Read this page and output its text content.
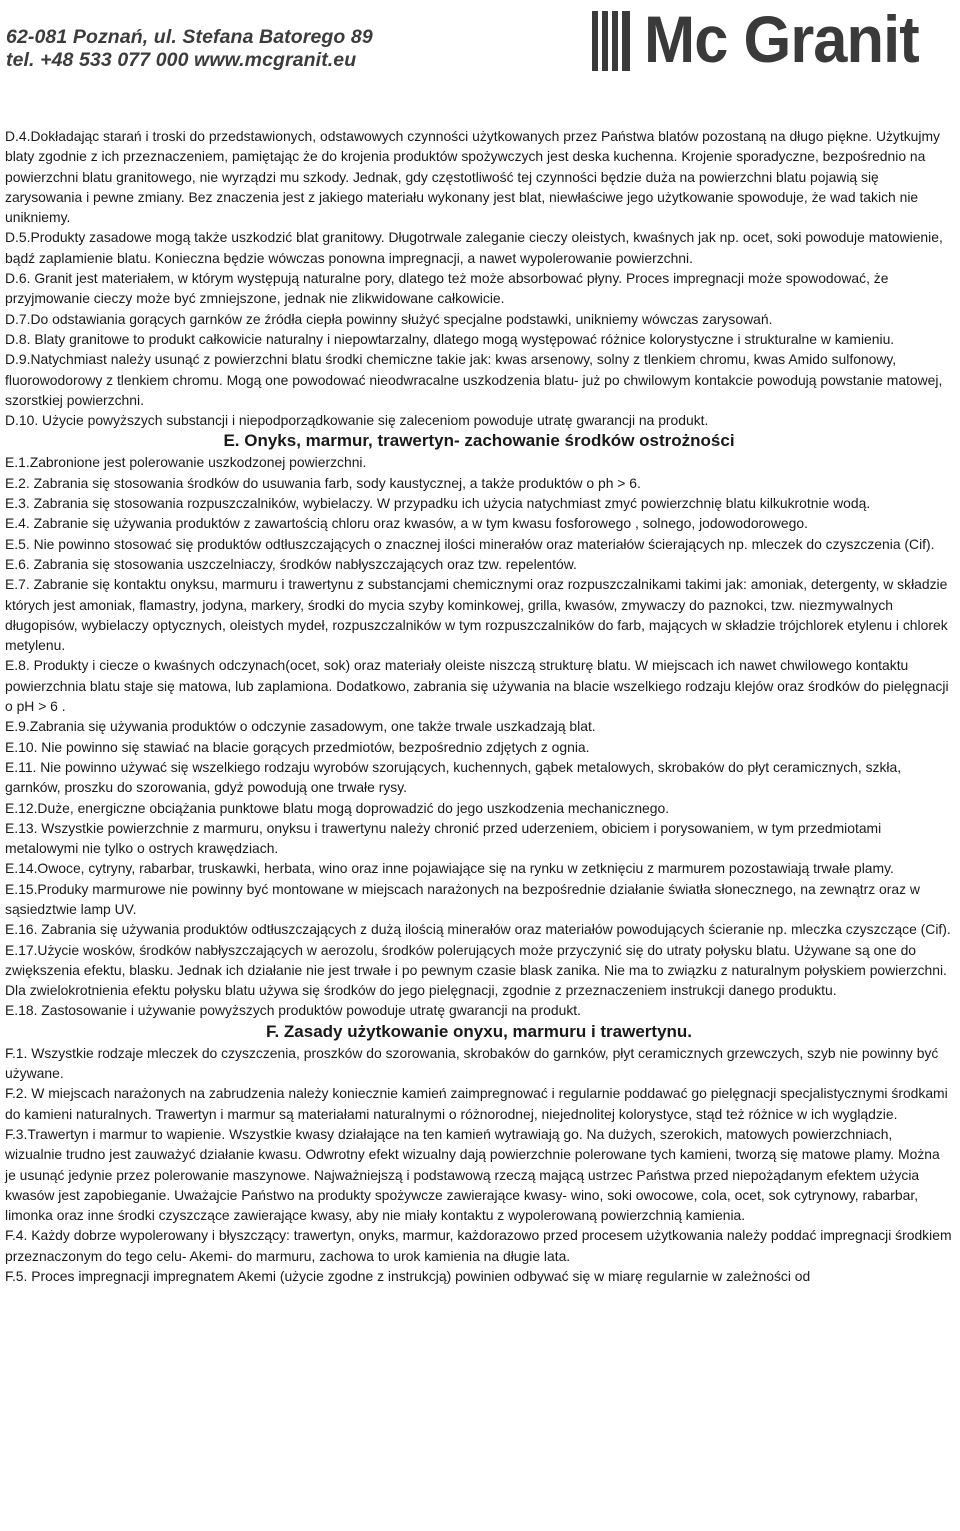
62-081 Poznań, ul. Stefana Batorego 89
tel. +48 533 077 000 www.mcgranit.eu	Mc Granit

D.4.Dokładając starań i troski do przedstawionych, odstawowych czynności użytkowanych przez Państwa blatów pozostaną na długo piękne. Użytkujmy blaty zgodnie z ich przeznaczeniem, pamiętając że do krojenia produktów spożywczych jest deska kuchenna. Krojenie sporadyczne, bezpośrednio na powierzchni blatu granitowego, nie wyrządzi mu szkody. Jednak, gdy częstotliwość tej czynności będzie duża na powierzchni blatu pojawią się zarysowania i pewne zmiany. Bez znaczenia jest z jakiego materiału wykonany jest blat, niewłaściwe jego użytkowanie spowoduje, że wad takich nie unikniemy.

D.5.Produkty zasadowe mogą także uszkodzić blat granitowy. Długotrwale zaleganie cieczy oleistych, kwaśnych jak np. ocet, soki powoduje matowienie, bądź zaplamienie blatu. Konieczna będzie wówczas ponowna impregnacji, a nawet wypolerowanie powierzchni.

D.6. Granit jest materiałem, w którym występują naturalne pory, dlatego też może absorbować płyny. Proces impregnacji może spowodować, że przyjmowanie cieczy może być zmniejszone, jednak nie zlikwidowane całkowicie.

D.7.Do odstawiania gorących garnków ze źródła ciepła powinny służyć specjalne podstawki, unikniemy wówczas zarysowań.

D.8. Blaty granitowe to produkt całkowicie naturalny i niepowtarzalny, dlatego mogą występować różnice kolorystyczne i strukturalne w kamieniu.

D.9.Natychmiast należy usunąć z powierzchni blatu środki chemiczne takie jak: kwas arsenowy, solny z tlenkiem chromu, kwas Amido sulfonowy, fluorowodorowy z tlenkiem chromu. Mogą one powodować nieodwracalne uszkodzenia blatu- już po chwilowym kontakcie powodują powstanie matowej, szorstkiej powierzchni.

D.10. Użycie powyższych substancji i niepodporządkowanie się zaleceniom powoduje utratę gwarancji na produkt.

E. Onyks, marmur, trawertyn- zachowanie środków ostrożności

E.1.Zabronione jest polerowanie uszkodzonej powierzchni.

E.2. Zabrania się stosowania środków do usuwania farb, sody kaustycznej, a także produktów o ph > 6.

E.3. Zabrania się stosowania rozpuszczalników, wybielaczy. W przypadku ich użycia natychmiast zmyć powierzchnię blatu kilkukrotnie wodą.

E.4. Zabranie się używania produktów z zawartością chloru oraz kwasów, a w tym kwasu fosforowego , solnego, jodowodorowego.

E.5. Nie powinno stosować się produktów odtłuszczających o znacznej ilości minerałów oraz materiałów ścierających np. mleczek do czyszczenia (Cif).

E.6. Zabrania się stosowania uszczelniaczy, środków nabłyszczających oraz tzw. repelentów.

E.7. Zabranie się kontaktu onyksu, marmuru i trawertynu z substancjami chemicznymi oraz rozpuszczalnikami takimi jak: amoniak, detergenty, w składzie których jest amoniak, flamastry, jodyna, markery, środki do mycia szyby kominkowej, grilla, kwasów, zmywaczy do paznokci, tzw. niezmywalnych długopisów, wybielaczy optycznych, oleistych mydeł, rozpuszczalników w tym rozpuszczalników do farb, mających w składzie trójchlorek etylenu i chlorek metylenu.

E.8. Produkty i ciecze o kwaśnych odczynach(ocet, sok) oraz materiały oleiste niszczą strukturę blatu. W miejscach ich nawet chwilowego kontaktu powierzchnia blatu staje się matowa, lub zaplamiona. Dodatkowo, zabrania się używania na blacie wszelkiego rodzaju klejów oraz środków do pielęgnacji o pH > 6 .

E.9.Zabrania się używania produktów o odczynie zasadowym, one także trwale uszkadzają blat.

E.10. Nie powinno się stawiać na blacie gorących przedmiotów, bezpośrednio zdjętych z ognia.

E.11. Nie powinno używać się wszelkiego rodzaju wyrobów szorujących, kuchennych, gąbek metalowych, skrobaków do płyt ceramicznych, szkła, garnków, proszku do szorowania, gdyż powodują one trwałe rysy.

E.12.Duże, energiczne obciążania punktowe blatu mogą doprowadzić do jego uszkodzenia mechanicznego.

E.13. Wszystkie powierzchnie z marmuru, onyksu i trawertynu należy chronić przed uderzeniem, obiciem i porysowaniem, w tym przedmiotami metalowymi nie tylko o ostrych krawędziach.

E.14.Owoce, cytryny, rabarbar, truskawki, herbata, wino oraz inne pojawiające się na rynku w zetknięciu z marmurem pozostawiają trwałe plamy.

E.15.Produky marmurowe nie powinny być montowane w miejscach narażonych na bezpośrednie działanie światła słonecznego, na zewnątrz oraz w sąsiedztwie lamp UV.

E.16. Zabrania się używania produktów odtłuszczających z dużą ilością minerałów oraz materiałów powodujących ścieranie np. mleczka czyszczące (Cif).

E.17.Użycie wosków, środków nabłyszczających w aerozolu, środków polerujących może przyczynić się do utraty połysku blatu. Używane są one do zwiększenia efektu, blasku. Jednak ich działanie nie jest trwałe i po pewnym czasie blask zanika. Nie ma to związku z naturalnym połyskiem powierzchni. Dla zwielokrotnienia efektu połysku blatu używa się środków do jego pielęgnacji, zgodnie z przeznaczeniem instrukcji danego produktu.

E.18. Zastosowanie i używanie powyższych produktów powoduje utratę gwarancji na produkt.

F. Zasady użytkowanie onyxu, marmuru i trawertynu.

F.1. Wszystkie rodzaje mleczek do czyszczenia, proszków do szorowania, skrobaków do garnków, płyt ceramicznych grzewczych, szyb nie powinny być używane.

F.2. W miejscach narażonych na zabrudzenia należy koniecznie kamień zaimpregnować i regularnie poddawać go pielęgnacji specjalistycznymi środkami do kamieni naturalnych. Trawertyn i marmur są materiałami naturalnymi o różnorodnej, niejednolitej kolorystyce, stąd też różnice w ich wyglądzie.

F.3.Trawertyn i marmur to wapienie. Wszystkie kwasy działające na ten kamień wytrawiają go. Na dużych, szerokich, matowych powierzchniach, wizualnie trudno jest zauważyć działanie kwasu. Odwrotny efekt wizualny dają powierzchnie polerowane tych kamieni, tworzą się matowe plamy. Można je usunąć jedynie przez polerowanie maszynowe. Najważniejszą i podstawową rzeczą mającą ustrzec Państwa przed niepożądanym efektem użycia kwasów jest zapobieganie. Uważajcie Państwo na produkty spożywcze zawierające kwasy- wino, soki owocowe, cola, ocet, sok cytrynowy, rabarbar, limonka oraz inne środki czyszczące zawierające kwasy, aby nie miały kontaktu z wypolerowaną powierzchnią kamienia.

F.4. Każdy dobrze wypolerowany i błyszczący: trawertyn, onyks, marmur, każdorazowo przed procesem użytkowania należy poddać impregnacji środkiem przeznaczonym do tego celu- Akemi- do marmuru, zachowa to urok kamienia na długie lata.

F.5. Proces impregnacji impregnatem Akemi (użycie zgodne z instrukcją) powinien odbywać się w miarę regularnie w zależności od
